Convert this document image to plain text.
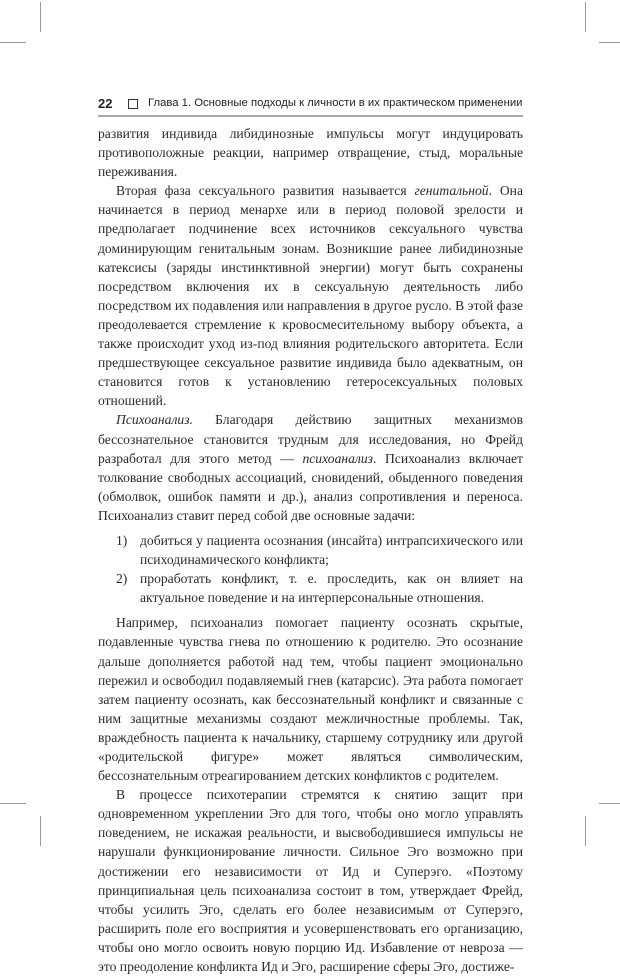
22	Глава 1. Основные подходы к личности в их практическом применении

развития индивида либидинозные импульсы могут индуцировать противоположные реакции, например отвращение, стыд, моральные переживания.

Вторая фаза сексуального развития называется генитальной. Она начинается в период менархе или в период половой зрелости и предполагает подчинение всех источников сексуального чувства доминирующим генитальным зонам. Возникшие ранее либидинозные катексисы (заряды инстинктивной энергии) могут быть сохранены посредством включения их в сексуальную деятельность либо посредством их подавления или направления в другое русло. В этой фазе преодолевается стремление к кровосмесительному выбору объекта, а также происходит уход из-под влияния родительского авторитета. Если предшествующее сексуальное развитие индивида было адекватным, он становится готов к установлению гетеросексуальных половых отношений.

Психоанализ. Благодаря действию защитных механизмов бессознательное становится трудным для исследования, но Фрейд разработал для этого метод — психоанализ. Психоанализ включает толкование свободных ассоциаций, сновидений, обыденного поведения (обмолвок, ошибок памяти и др.), анализ сопротивления и переноса. Психоанализ ставит перед собой две основные задачи:

1) добиться у пациента осознания (инсайта) интрапсихического или психодинамического конфликта;
2) проработать конфликт, т. е. проследить, как он влияет на актуальное поведение и на интерперсональные отношения.

Например, психоанализ помогает пациенту осознать скрытые, подавленные чувства гнева по отношению к родителю. Это осознание дальше дополняется работой над тем, чтобы пациент эмоционально пережил и освободил подавляемый гнев (катарсис). Эта работа помогает затем пациенту осознать, как бессознательный конфликт и связанные с ним защитные механизмы создают межличностные проблемы. Так, враждебность пациента к начальнику, старшему сотруднику или другой «родительской фигуре» может являться символическим, бессознательным отреагированием детских конфликтов с родителем.

В процессе психотерапии стремятся к снятию защит при одновременном укреплении Эго для того, чтобы оно могло управлять поведением, не искажая реальности, и высвободившиеся импульсы не нарушали функционирование личности. Сильное Эго возможно при достижении его независимости от Ид и Суперэго. «Поэтому принципиальная цель психоанализа состоит в том, утверждает Фрейд, чтобы усилить Эго, сделать его более независимым от Суперэго, расширить поле его восприятия и усовершенствовать его организацию, чтобы оно могло освоить новую порцию Ид. Избавление от невроза — это преодоление конфликта Ид и Эго, расширение сферы Эго, достиже-
